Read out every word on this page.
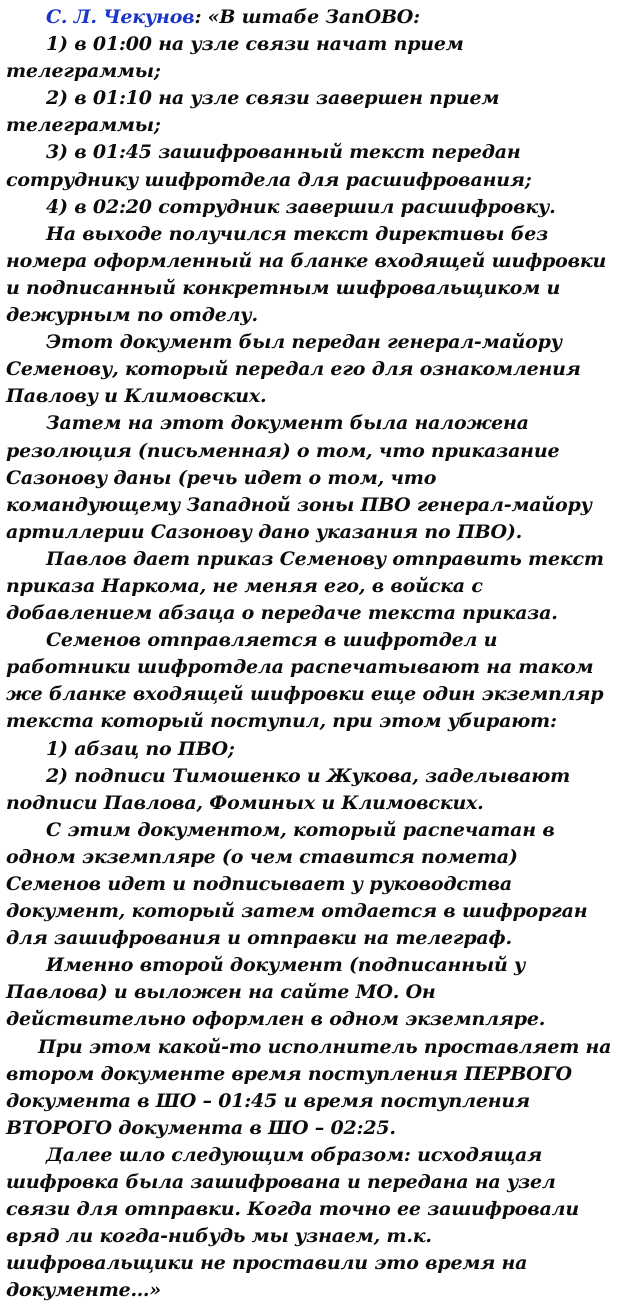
С. Л. Чекунов: «В штабе ЗапОВО:

1) в 01:00 на узле связи начат прием телеграммы;

2) в 01:10 на узле связи завершен прием телеграммы;

3) в 01:45 зашифрованный текст передан сотруднику шифротдела для расшифрования;

4) в 02:20 сотрудник завершил расшифровку.

На выходе получился текст директивы без номера оформленный на бланке входящей шифровки и подписанный конкретным шифровальщиком и дежурным по отделу.

Этот документ был передан генерал-майору Семенову, который передал его для ознакомления Павлову и Климовских.

Затем на этот документ была наложена резолюция (письменная) о том, что приказание Сазонову даны (речь идет о том, что командующему Западной зоны ПВО генерал-майору артиллерии Сазонову дано указания по ПВО).

Павлов дает приказ Семенову отправить текст приказа Наркома, не меняя его, в войска с добавлением абзаца о передаче текста приказа.

Семенов отправляется в шифротдел и работники шифротдела распечатывают на таком же бланке входящей шифровки еще один экземпляр текста который поступил, при этом убирают:

1) абзац по ПВО;

2) подписи Тимошенко и Жукова, заделывают подписи Павлова, Фоминых и Климовских.

С этим документом, который распечатан в одном экземпляре (о чем ставится помета) Семенов идет и подписывает у руководства документ, который затем отдается в шифрорган для зашифрования и отправки на телеграф.

Именно второй документ (подписанный у Павлова) и выложен на сайте МО. Он действительно оформлен в одном экземпляре.

При этом какой-то исполнитель проставляет на втором документе время поступления ПЕРВОГО документа в ШО – 01:45 и время поступления ВТОРОГО документа в ШО – 02:25.

Далее шло следующим образом: исходящая шифровка была зашифрована и передана на узел связи для отправки. Когда точно ее зашифровали вряд ли когда-нибудь мы узнаем, т.к. шифровальщики не проставили это время на документе…»
